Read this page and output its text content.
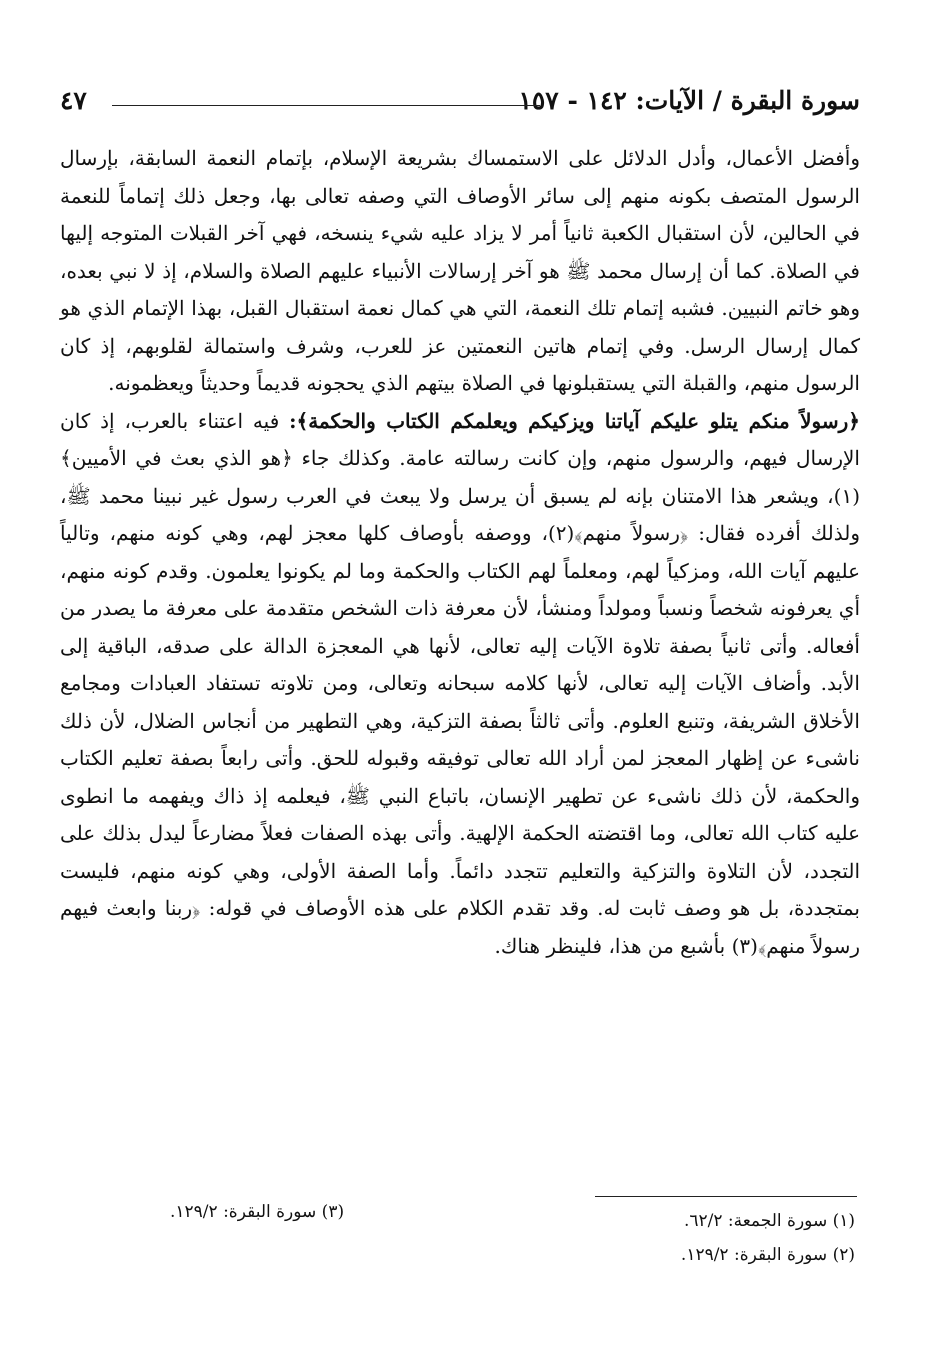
سورة البقرة / الآيات: ١٤٢ - ١٥٧
٤٧

وأفضل الأعمال، وأدل الدلائل على الاستمساك بشريعة الإسلام، بإتمام النعمة السابقة، بإرسال الرسول المتصف بكونه منهم إلى سائر الأوصاف التي وصفه تعالى بها، وجعل ذلك إتماماً للنعمة في الحالين، لأن استقبال الكعبة ثانياً أمر لا يزاد عليه شيء ينسخه، فهي آخر القبلات المتوجه إليها في الصلاة. كما أن إرسال محمد ﷺ هو آخر إرسالات الأنبياء عليهم الصلاة والسلام، إذ لا نبي بعده، وهو خاتم النبيين. فشبه إتمام تلك النعمة، التي هي كمال نعمة استقبال القبل، بهذا الإتمام الذي هو كمال إرسال الرسل. وفي إتمام هاتين النعمتين عز للعرب، وشرف واستمالة لقلوبهم، إذ كان الرسول منهم، والقبلة التي يستقبلونها في الصلاة بيتهم الذي يحجونه قديماً وحديثاً ويعظمونه.

﴿رسولاً منكم يتلو عليكم آياتنا ويزكيكم ويعلمكم الكتاب والحكمة﴾: فيه اعتناء بالعرب، إذ كان الإرسال فيهم، والرسول منهم، وإن كانت رسالته عامة. وكذلك جاء ﴿هو الذي بعث في الأميين﴾(١)، ويشعر هذا الامتنان بإنه لم يسبق أن يرسل ولا يبعث في العرب رسول غير نبينا محمد ﷺ، ولذلك أفرده فقال: ﴿رسولاً منهم﴾(٢)، ووصفه بأوصاف كلها معجز لهم، وهي كونه منهم، وتالياً عليهم آيات الله، ومزكياً لهم، ومعلماً لهم الكتاب والحكمة وما لم يكونوا يعلمون. وقدم كونه منهم، أي يعرفونه شخصاً ونسباً ومولداً ومنشأ، لأن معرفة ذات الشخص متقدمة على معرفة ما يصدر من أفعاله. وأتى ثانياً بصفة تلاوة الآيات إليه تعالى، لأنها هي المعجزة الدالة على صدقه، الباقية إلى الأبد. وأضاف الآيات إليه تعالى، لأنها كلامه سبحانه وتعالى، ومن تلاوته تستفاد العبادات ومجامع الأخلاق الشريفة، وتنبع العلوم. وأتى ثالثاً بصفة التزكية، وهي التطهير من أنجاس الضلال، لأن ذلك ناشىء عن إظهار المعجز لمن أراد الله تعالى توفيقه وقبوله للحق. وأتى رابعاً بصفة تعليم الكتاب والحكمة، لأن ذلك ناشىء عن تطهير الإنسان، باتباع النبي ﷺ، فيعلمه إذ ذاك ويفهمه ما انطوى عليه كتاب الله تعالى، وما اقتضته الحكمة الإلهية. وأتى بهذه الصفات فعلاً مضارعاً ليدل بذلك على التجدد، لأن التلاوة والتزكية والتعليم تتجدد دائماً. وأما الصفة الأولى، وهي كونه منهم، فليست بمتجددة، بل هو وصف ثابت له. وقد تقدم الكلام على هذه الأوصاف في قوله: ﴿ربنا وابعث فيهم رسولاً منهم﴾(٣) بأشبع من هذا، فلينظر هناك.

(١) سورة الجمعة: ٦٢/٢.
(٢) سورة البقرة: ١٢٩/٢.
(٣) سورة البقرة: ١٢٩/٢.
